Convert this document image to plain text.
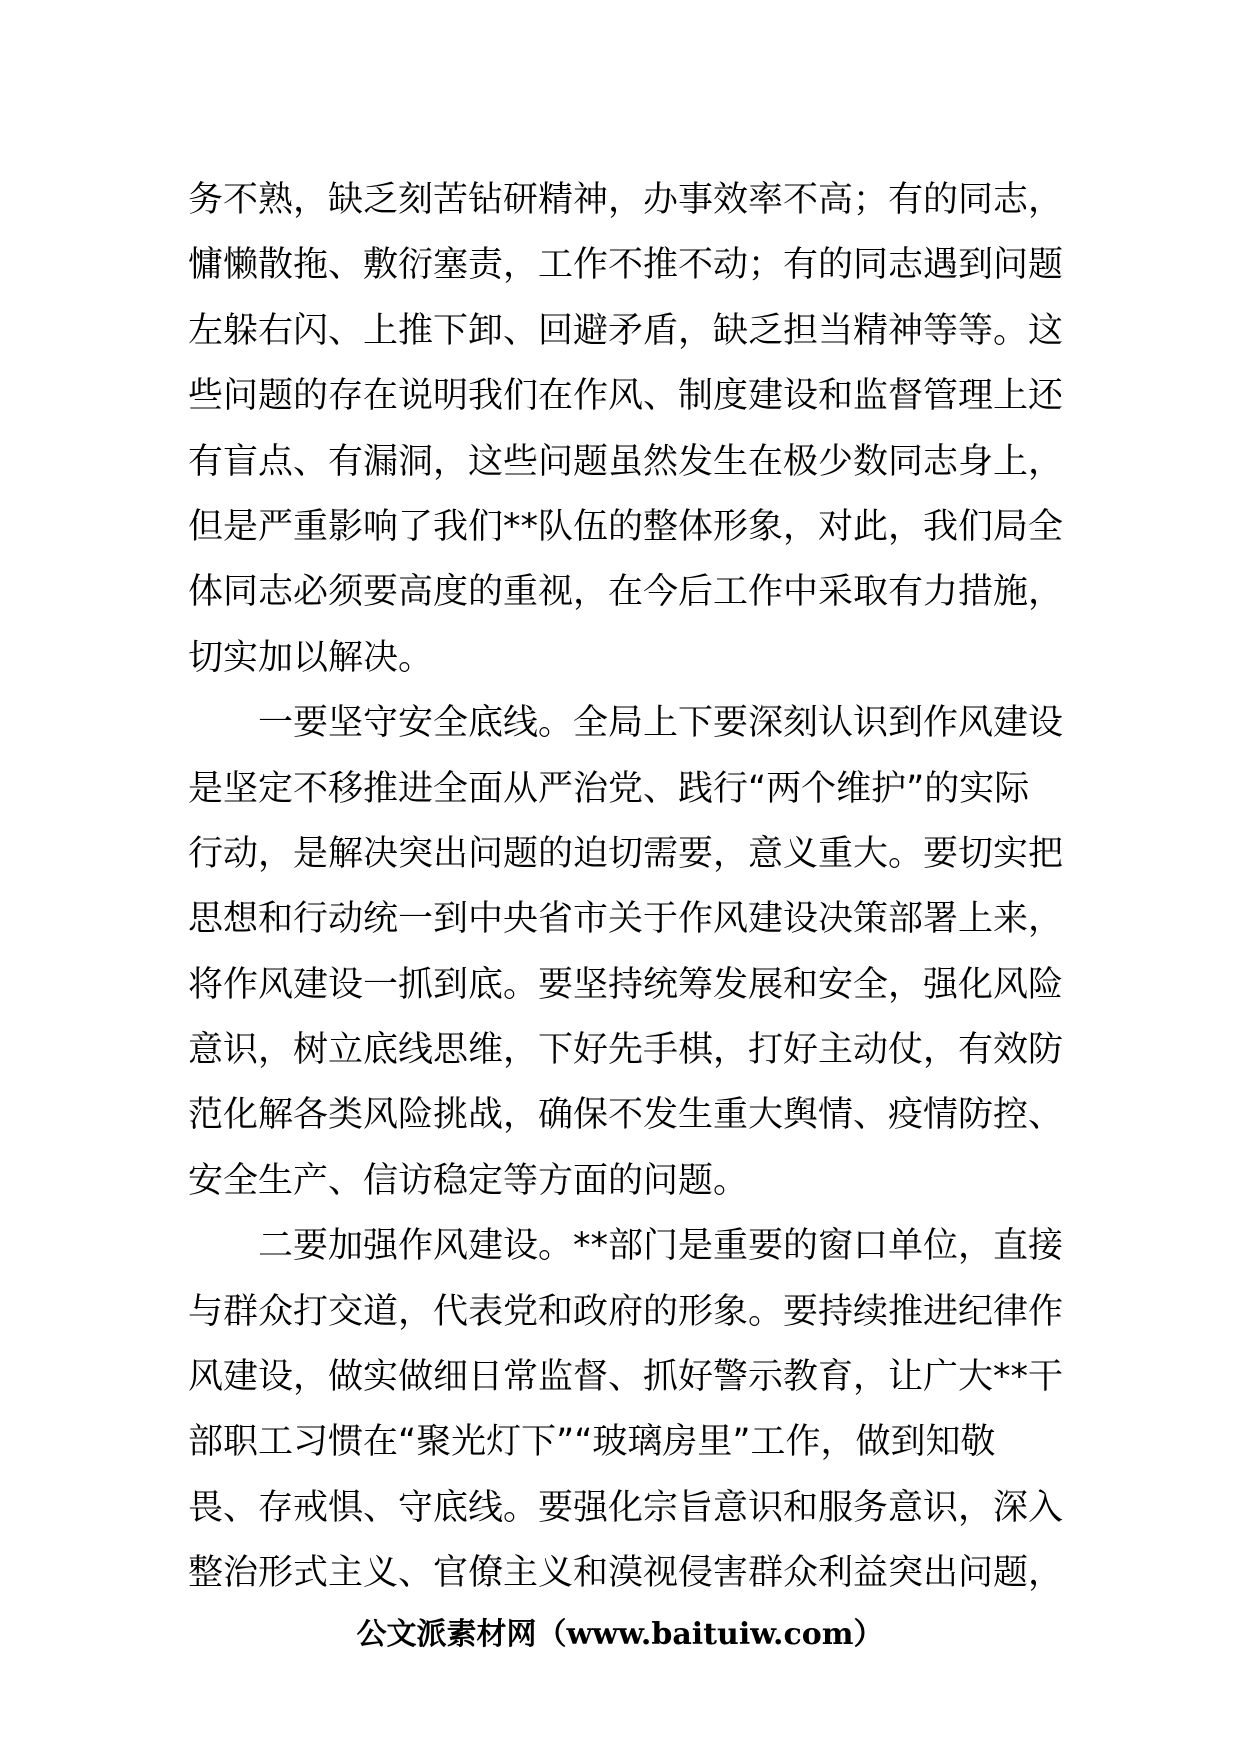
务不熟，缺乏刻苦钻研精神，办事效率不高；有的同志，
慵懒散拖、敷衍塞责，工作不推不动；有的同志遇到问题
左躲右闪、上推下卸、回避矛盾，缺乏担当精神等等。这
些问题的存在说明我们在作风、制度建设和监督管理上还
有盲点、有漏洞，这些问题虽然发生在极少数同志身上，
但是严重影响了我们**队伍的整体形象，对此，我们局全
体同志必须要高度的重视，在今后工作中采取有力措施，
切实加以解决。
一要坚守安全底线。全局上下要深刻认识到作风建设
是坚定不移推进全面从严治党、践行“两个维护”的实际
行动，是解决突出问题的迫切需要，意义重大。要切实把
思想和行动统一到中央省市关于作风建设决策部署上来，
将作风建设一抓到底。要坚持统筹发展和安全，强化风险
意识，树立底线思维，下好先手棋，打好主动仗，有效防
范化解各类风险挑战，确保不发生重大舆情、疫情防控、
安全生产、信访稳定等方面的问题。
二要加强作风建设。**部门是重要的窗口单位，直接
与群众打交道，代表党和政府的形象。要持续推进纪律作
风建设，做实做细日常监督、抓好警示教育，让广大**干
部职工习惯在“聚光灯下”“玻璃房里”工作，做到知敬
畏、存戒惧、守底线。要强化宗旨意识和服务意识，深入
整治形式主义、官僚主义和漠视侵害群众利益突出问题，
公文派素材网（www.baituiw.com）
